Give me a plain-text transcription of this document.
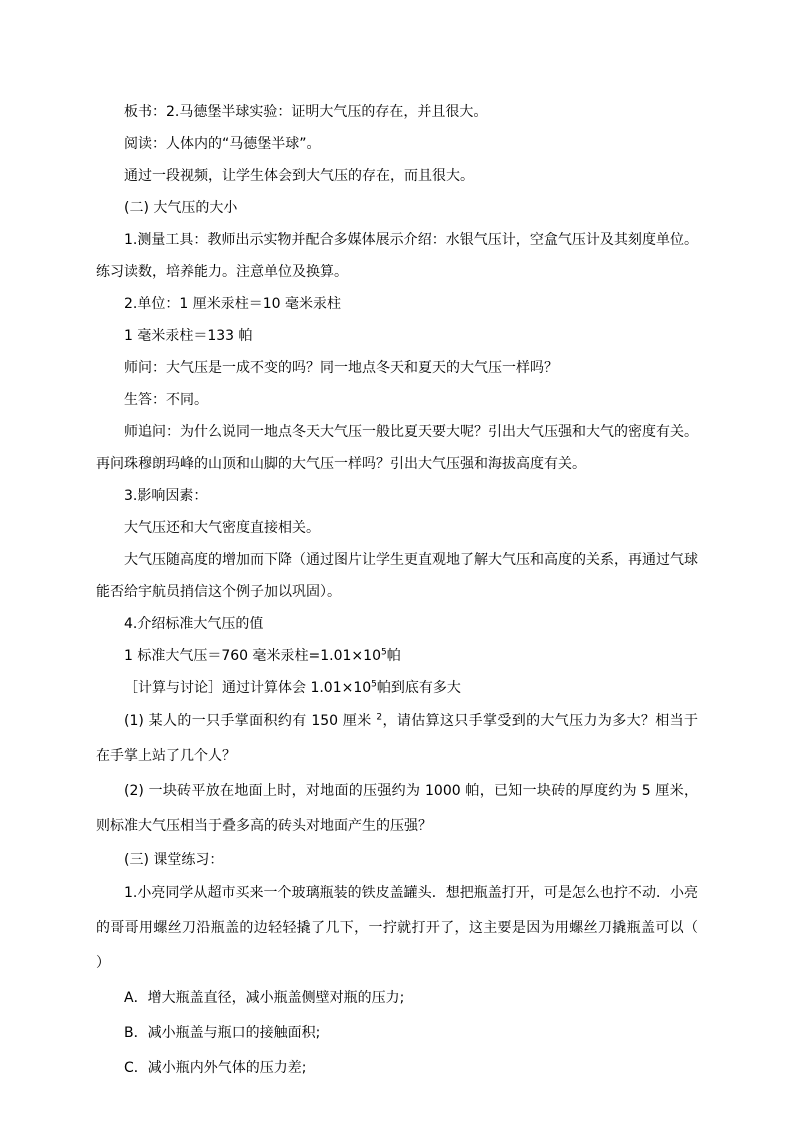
板书：2.马德堡半球实验：证明大气压的存在，并且很大。

阅读：人体内的“马德堡半球”。

通过一段视频，让学生体会到大气压的存在，而且很大。

(二) 大气压的大小

1.测量工具：教师出示实物并配合多媒体展示介绍：水银气压计，空盒气压计及其刻度单位。练习读数，培养能力。注意单位及换算。

2.单位：1 厘米汞柱＝10 毫米汞柱

1 毫米汞柱＝133 帕

师问：大气压是一成不变的吗？同一地点冬天和夏天的大气压一样吗？

生答：不同。

师追问：为什么说同一地点冬天大气压一般比夏天要大呢？引出大气压强和大气的密度有关。再问珠穆朗玛峰的山顶和山脚的大气压一样吗？引出大气压强和海拔高度有关。

3.影响因素：

大气压还和大气密度直接相关。

大气压随高度的增加而下降（通过图片让学生更直观地了解大气压和高度的关系，再通过气球能否给宇航员捎信这个例子加以巩固）。

4.介绍标准大气压的值

1 标准大气压＝760 毫米汞柱$=1.01\times 10^5$帕

［计算与讨论］通过计算体会 $1.01\times 10^5$帕到底有多大

(1) 某人的一只手掌面积约有 150 厘米 $^2$，请估算这只手掌受到的大气压力为多大？相当于在手掌上站了几个人？

(2) 一块砖平放在地面上时，对地面的压强约为 1000 帕，已知一块砖的厚度约为 5 厘米，则标准大气压相当于叠多高的砖头对地面产生的压强？

(三) 课堂练习：

1.小亮同学从超市买来一个玻璃瓶装的铁皮盖罐头．想把瓶盖打开，可是怎么也拧不动．小亮的哥哥用螺丝刀沿瓶盖的边轻轻撬了几下，一拧就打开了，这主要是因为用螺丝刀撬瓶盖可以（　　）

A．增大瓶盖直径，减小瓶盖侧壁对瓶的压力;

B．减小瓶盖与瓶口的接触面积;

C．减小瓶内外气体的压力差;
